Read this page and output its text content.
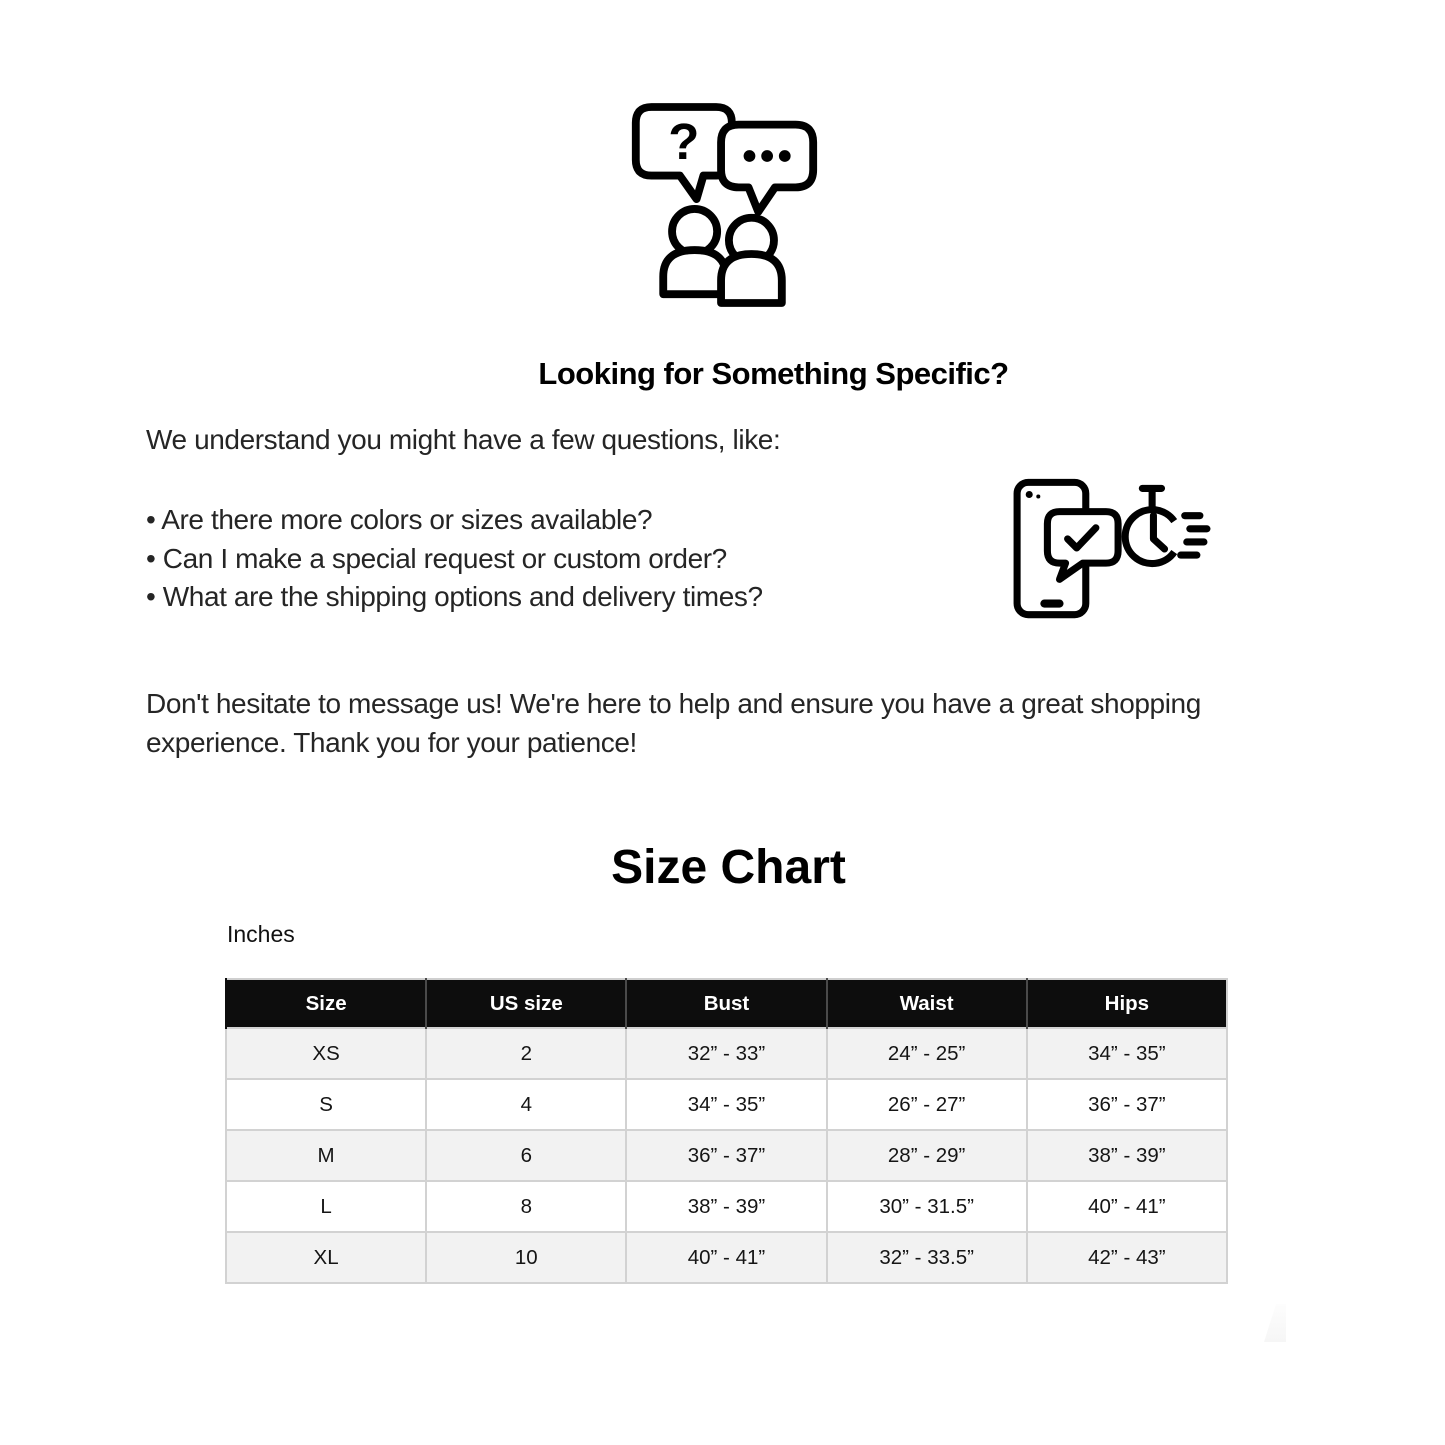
?
Looking for Something Specific?
We understand you might have a few questions, like:
• Are there more colors or sizes available?
• Can I make a special request or custom order?
• What are the shipping options and delivery times?

Don't hesitate to message us! We're here to help and ensure you have a great shopping experience. Thank you for your patience!

Size Chart
Inches
Size	US size	Bust	Waist	Hips
XS	2	32” - 33”	24” - 25”	34” - 35”
S	4	34” - 35”	26” - 27”	36” - 37”
M	6	36” - 37”	28” - 29”	38” - 39”
L	8	38” - 39”	30” - 31.5”	40” - 41”
XL	10	40” - 41”	32” - 33.5”	42” - 43”
